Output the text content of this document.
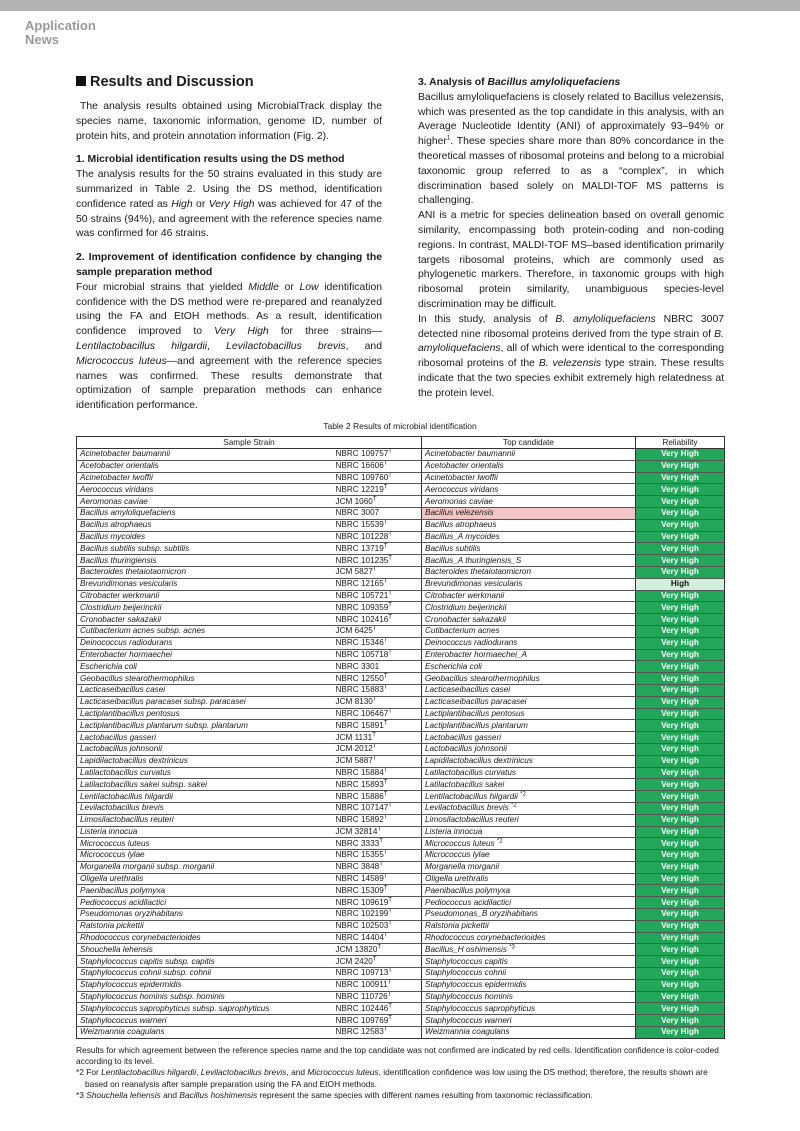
Application
News
Results and Discussion

The analysis results obtained using MicrobialTrack display the species name, taxonomic information, genome ID, number of protein hits, and protein annotation information (Fig. 2).

1. Microbial identification results using the DS method

The analysis results for the 50 strains evaluated in this study are summarized in Table 2. Using the DS method, identification confidence rated as High or Very High was achieved for 47 of the 50 strains (94%), and agreement with the reference species name was confirmed for 46 strains.

2. Improvement of identification confidence by changing the sample preparation method

Four microbial strains that yielded Middle or Low identification confidence with the DS method were re-prepared and reanalyzed using the FA and EtOH methods. As a result, identification confidence improved to Very High for three strains—Lentilactobacillus hilgardii, Levilactobacillus brevis, and Micrococcus luteus—and agreement with the reference species names was confirmed. These results demonstrate that optimization of sample preparation methods can enhance identification performance.

3. Analysis of Bacillus amyloliquefaciens

Bacillus amyloliquefaciens is closely related to Bacillus velezensis, which was presented as the top candidate in this analysis, with an Average Nucleotide Identity (ANI) of approximately 93–94% or higher$^1$. These species share more than 80% concordance in the theoretical masses of ribosomal proteins and belong to a microbial taxonomic group referred to as a “complex”, in which discrimination based solely on MALDI-TOF MS patterns is challenging.

ANI is a metric for species delineation based on overall genomic similarity, encompassing both protein-coding and non-coding regions. In contrast, MALDI-TOF MS–based identification primarily targets ribosomal proteins, which are commonly used as phylogenetic markers. Therefore, in taxonomic groups with high ribosomal protein similarity, unambiguous species-level discrimination may be difficult.

In this study, analysis of B. amyloliquefaciens NBRC 3007 detected nine ribosomal proteins derived from the type strain of B. amyloliquefaciens, all of which were identical to the corresponding ribosomal proteins of the B. velezensis type strain. These results indicate that the two species exhibit extremely high relatedness at the protein level.

Table 2 Results of microbial identification
Sample Strain		Top candidate	Reliability
Acinetobacter baumannii	NBRC $109757^T$	Acinetobacter baumannii	Very High
Acetobacter orientalis	NBRC $16606^T$	Acetobacter orientalis	Very High
Acinetobacter lwoffii	NBRC $109760^T$	Acinetobacter lwoffii	Very High
Aerococcus viridans	NBRC $12219^T$	Aerococcus viridans	Very High
Aeromonas caviae	JCM $1060^T$	Aeromonas caviae	Very High
Bacillus amyloliquefaciens	NBRC 3007	Bacillus velezensis	Very High
Bacillus atrophaeus	NBRC $15539^T$	Bacillus atrophaeus	Very High
Bacillus mycoides	NBRC $101228^T$	Bacillus_A mycoides	Very High
Bacillus subtilis subsp. subtilis	NBRC $13719^T$	Bacillus subtilis	Very High
Bacillus thuringiensis	NBRC $101235^T$	Bacillus_A thuringiensis_S	Very High
Bacteroides thetaiotaomicron	JCM $5827^T$	Bacteroides thetaiotaomicron	Very High
Brevundimonas vesicularis	NBRC $12165^T$	Brevundimonas vesicularis	High
Citrobacter werkmanii	NBRC $105721^T$	Citrobacter werkmanii	Very High
Clostridium beijerinckii	NBRC $109359^T$	Clostridium beijerinckii	Very High
Cronobacter sakazakii	NBRC $102416^T$	Cronobacter sakazakii	Very High
Cutibacterium acnes subsp. acnes	JCM $6425^T$	Cutibacterium acnes	Very High
Deinococcus radiodurans	NBRC $15346^T$	Deinococcus radiodurans	Very High
Enterobacter hormaechei	NBRC $105718^T$	Enterobacter hormaechei_A	Very High
Escherichia coli	NBRC 3301	Escherichia coli	Very High
Geobacillus stearothermophilus	NBRC $12550^T$	Geobacillus stearothermophilus	Very High
Lacticaseibacillus casei	NBRC $15883^T$	Lacticaseibacillus casei	Very High
Lacticaseibacillus paracasei subsp. paracasei	JCM $8130^T$	Lacticaseibacillus paracasei	Very High
Lactiplantibacillus pentosus	NBRC $106467^T$	Lactiplantibacillus pentosus	Very High
Lactiplantibacillus plantarum subsp. plantarum	NBRC $15891^T$	Lactiplantibacillus plantarum	Very High
Lactobacillus gasseri	JCM $1131^T$	Lactobacillus gasseri	Very High
Lactobacillus johnsonii	JCM $2012^T$	Lactobacillus johnsonii	Very High
Lapidilactobacillus dextrinicus	JCM $5887^T$	Lapidilactobacillus dextrinicus	Very High
Latilactobacillus curvatus	NBRC $15884^T$	Latilactobacillus curvatus	Very High
Latilactobacillus sakei subsp. sakei	NBRC $15893^T$	Latilactobacillus sakei	Very High
Lentilactobacillus hilgardii	NBRC $15886^T$	Lentilactobacillus hilgardii $^{*2}$	Very High
Levilactobacillus brevis	NBRC $107147^T$	Levilactobacillus brevis $^{*2}$	Very High
Limosilactobacillus reuteri	NBRC $15892^T$	Limosilactobacillus reuteri	Very High
Listeria innocua	JCM $32814^T$	Listeria innocua	Very High
Micrococcus luteus	NBRC $3333^T$	Micrococcus luteus $^{*2}$	Very High
Micrococcus lylae	NBRC $15355^T$	Micrococcus lylae	Very High
Morganella morganii subsp. morganii	NBRC $3848^T$	Morganella morganii	Very High
Oligella urethralis	NBRC $14589^T$	Oligella urethralis	Very High
Paenibacillus polymyxa	NBRC $15309^T$	Paenibacillus polymyxa	Very High
Pediococcus acidilactici	NBRC $109619^T$	Pediococcus acidilactici	Very High
Pseudomonas oryzihabitans	NBRC $102199^T$	Pseudomonas_B oryzihabitans	Very High
Ralstonia pickettii	NBRC $102503^T$	Ralstonia pickettii	Very High
Rhodococcus corynebacterioides	NBRC $14404^T$	Rhodococcus corynebacterioides	Very High
Shouchella lehensis	JCM $13820^T$	Bacillus_H oshimensis $^{*3}$	Very High
Staphylococcus capitis subsp. capitis	JCM $2420^T$	Staphylococcus capitis	Very High
Staphylococcus cohnii subsp. cohnii	NBRC $109713^T$	Staphylococcus cohnii	Very High
Staphylococcus epidermidis	NBRC $100911^T$	Staphylococcus epidermidis	Very High
Staphylococcus hominis subsp. hominis	NBRC $110726^T$	Staphylococcus hominis	Very High
Staphylococcus saprophyticus subsp. saprophyticus	NBRC $102446^T$	Staphylococcus saprophyticus	Very High
Staphylococcus warneri	NBRC $109769^T$	Staphylococcus warneri	Very High
Weizmannia coagulans	NBRC $12583^T$	Weizmannia coagulans	Very High

Results for which agreement between the reference species name and the top candidate was not confirmed are indicated by red cells. Identification confidence is color-coded according to its level.

*2 For Lentilactobacillus hilgardii, Levilactobacillus brevis, and Micrococcus luteus, identification confidence was low using the DS method; therefore, the results shown are based on reanalysis after sample preparation using the FA and EtOH methods.

*3 Shouchella lehensis and Bacillus hoshimensis represent the same species with different names resulting from taxonomic reclassification.
